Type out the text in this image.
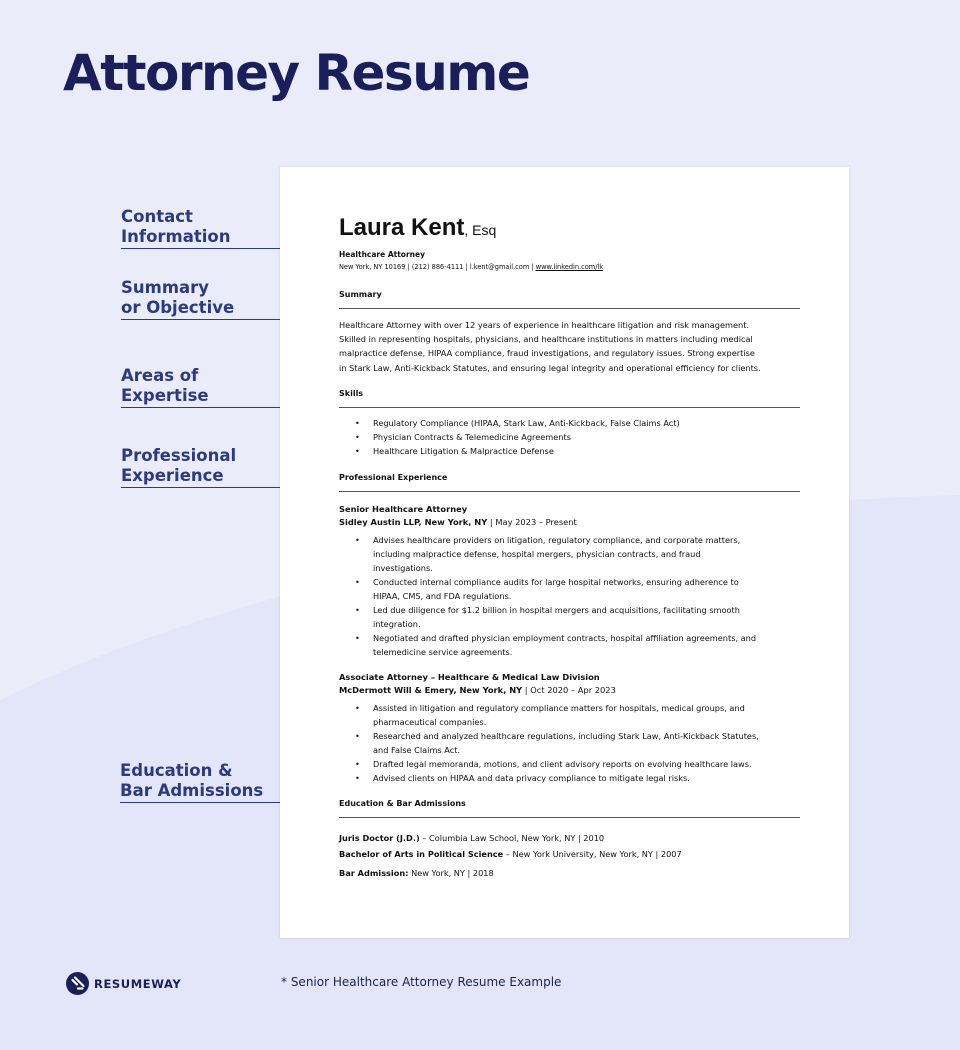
Attorney Resume
Contact
Information
Summary
or Objective
Areas of
Expertise
Professional
Experience
Education &
Bar Admissions
Laura Kent, Esq
Healthcare Attorney
New York, NY 10169 | (212) 886-4111 | l.kent@gmail.com | www.linkedin.com/lk
Summary
Healthcare Attorney with over 12 years of experience in healthcare litigation and risk management.
Skilled in representing hospitals, physicians, and healthcare institutions in matters including medical
malpractice defense, HIPAA compliance, fraud investigations, and regulatory issues. Strong expertise
in Stark Law, Anti-Kickback Statutes, and ensuring legal integrity and operational efficiency for clients.
Skills
• Regulatory Compliance (HIPAA, Stark Law, Anti-Kickback, False Claims Act)
• Physician Contracts & Telemedicine Agreements
• Healthcare Litigation & Malpractice Defense
Professional Experience
Senior Healthcare Attorney
Sidley Austin LLP, New York, NY | May 2023 – Present
• Advises healthcare providers on litigation, regulatory compliance, and corporate matters,
including malpractice defense, hospital mergers, physician contracts, and fraud
investigations.
• Conducted internal compliance audits for large hospital networks, ensuring adherence to
HIPAA, CMS, and FDA regulations.
• Led due diligence for $1.2 billion in hospital mergers and acquisitions, facilitating smooth
integration.
• Negotiated and drafted physician employment contracts, hospital affiliation agreements, and
telemedicine service agreements.
Associate Attorney – Healthcare & Medical Law Division
McDermott Will & Emery, New York, NY | Oct 2020 – Apr 2023
• Assisted in litigation and regulatory compliance matters for hospitals, medical groups, and
pharmaceutical companies.
• Researched and analyzed healthcare regulations, including Stark Law, Anti-Kickback Statutes,
and False Claims Act.
• Drafted legal memoranda, motions, and client advisory reports on evolving healthcare laws.
• Advised clients on HIPAA and data privacy compliance to mitigate legal risks.
Education & Bar Admissions
Juris Doctor (J.D.) – Columbia Law School, New York, NY | 2010
Bachelor of Arts in Political Science – New York University, New York, NY | 2007
Bar Admission: New York, NY | 2018
RESUMEWAY	* Senior Healthcare Attorney Resume Example
